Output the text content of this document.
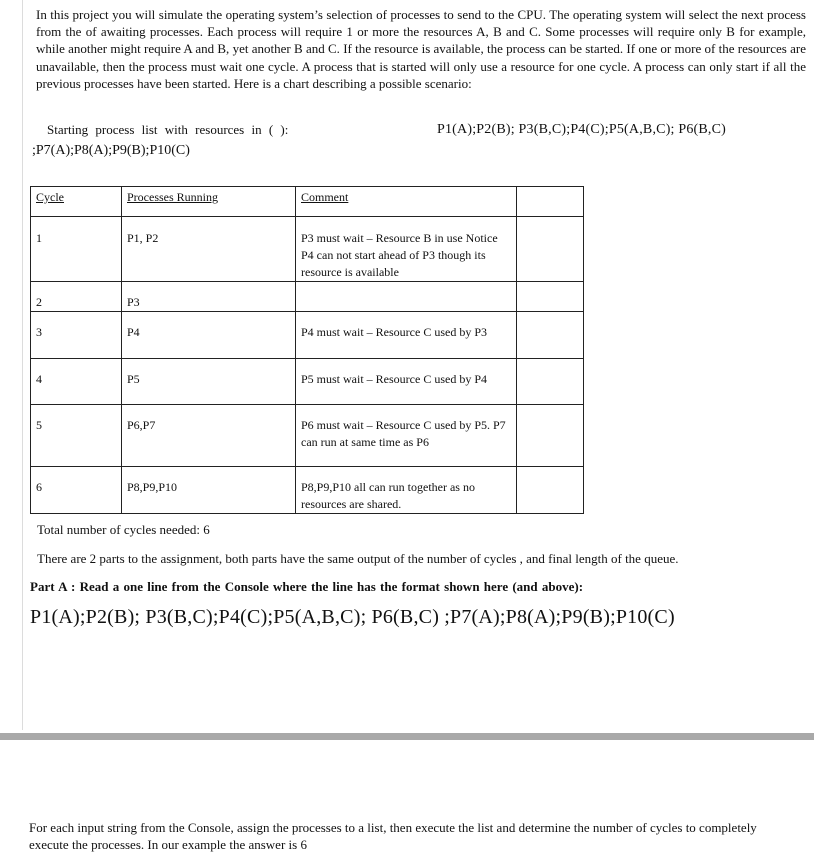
In this project you will simulate the operating system’s selection of processes to send to the CPU. The operating system will select the next process from the of awaiting processes. Each process will require 1 or more the resources A, B and C. Some processes will require only B for example, while another might require A and B, yet another B and C. If the resource is available, the process can be started. If one or more of the resources are unavailable, then the process must wait one cycle. A process that is started will only use a resource for one cycle. A process can only start if all the previous processes have been started. Here is a chart describing a possible scenario:

Starting process list with resources in ( ):	P1(A);P2(B); P3(B,C);P4(C);P5(A,B,C); P6(B,C)
;P7(A);P8(A);P9(B);P10(C)
Cycle	Processes Running	Comment	

1	P1, P2	P3 must wait – Resource B in use Notice P4 can not start ahead of P3 though its resource is available	

2	P3		

3	P4	P4 must wait – Resource C used by P3	

4	P5	P5 must wait – Resource C used by P4	

5	P6,P7	P6 must wait – Resource C used by P5. P7 can run at same time as P6	

6	P8,P9,P10	P8,P9,P10 all can run together as no resources are shared.	

Total number of cycles needed: 6
There are 2 parts to the assignment, both parts have the same output of the number of cycles , and final length of the queue.
Part A : Read a one line from the Console where the line has the format shown here (and above):
P1(A);P2(B); P3(B,C);P4(C);P5(A,B,C); P6(B,C) ;P7(A);P8(A);P9(B);P10(C)

For each input string from the Console, assign the processes to a list, then execute the list and determine the number of cycles to completely execute the processes. In our example the answer is 6
